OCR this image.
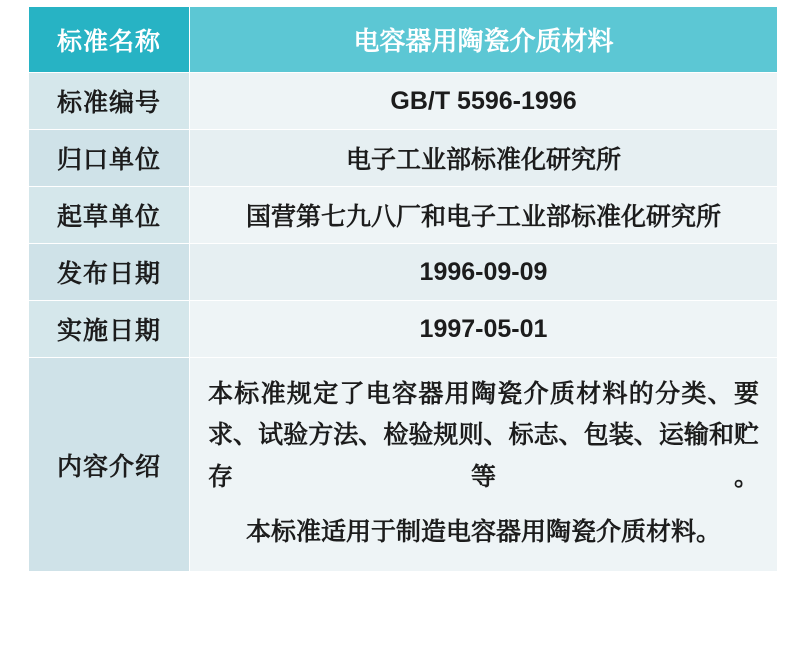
标准名称	电容器用陶瓷介质材料
标准编号	GB/T 5596-1996
归口单位	电子工业部标准化研究所
起草单位	国营第七九八厂和电子工业部标准化研究所
发布日期	1996-09-09
实施日期	1997-05-01
内容介绍	本标准规定了电容器用陶瓷介质材料的分类、要求、试验方法、检验规则、标志、包装、运输和贮存等。

本标准适用于制造电容器用陶瓷介质材料。
